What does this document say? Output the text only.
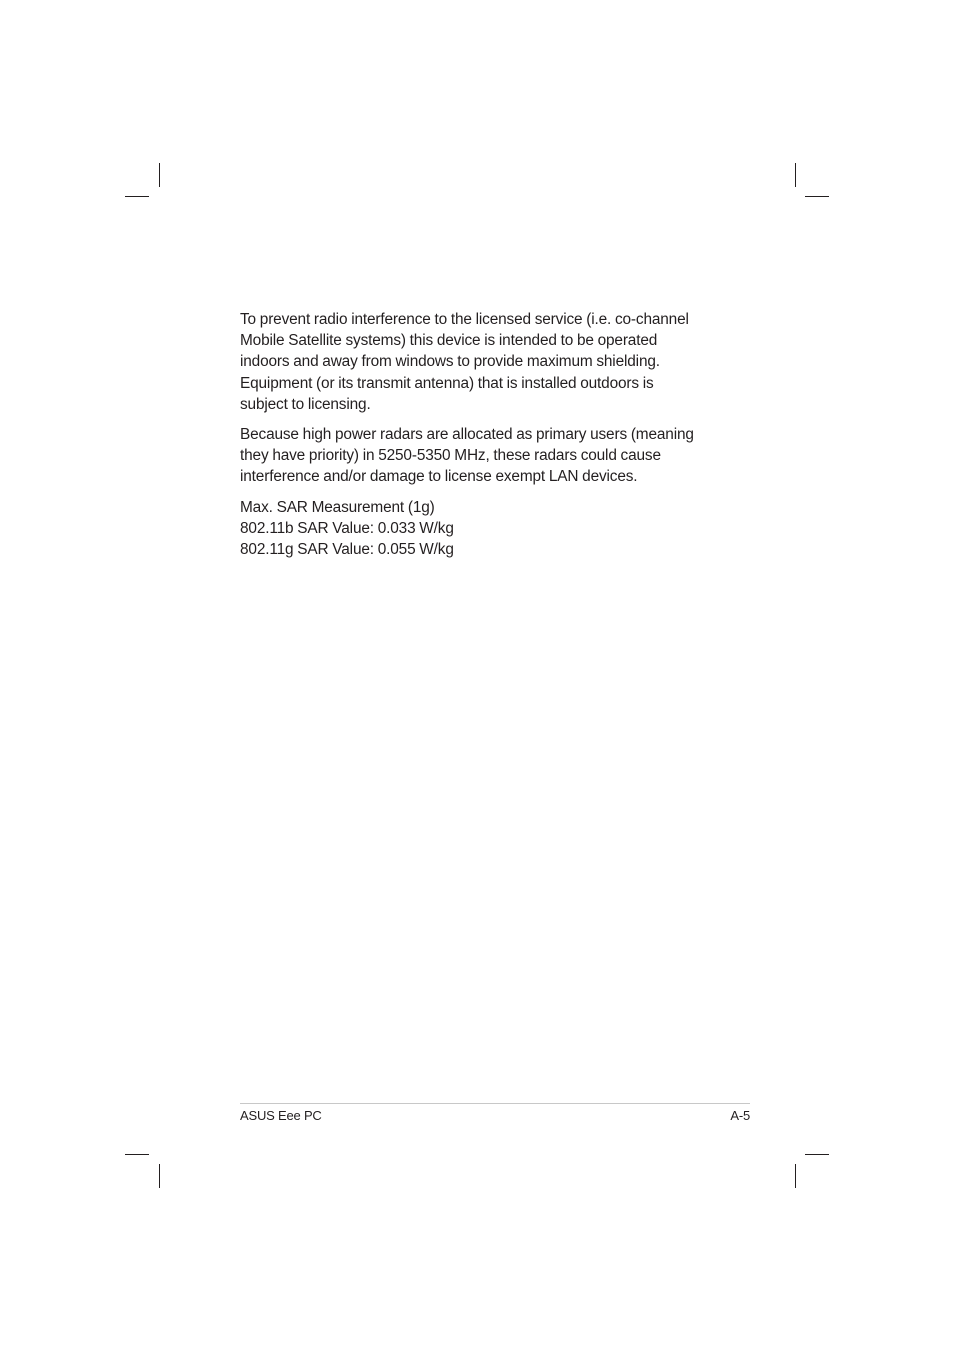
To prevent radio interference to the licensed service (i.e. co-channel
Mobile Satellite systems) this device is intended to be operated
indoors and away from windows to provide maximum shielding.
Equipment (or its transmit antenna) that is installed outdoors is
subject to licensing.

Because high power radars are allocated as primary users (meaning
they have priority) in 5250-5350 MHz, these radars could cause
interference and/or damage to license exempt LAN devices.

Max. SAR Measurement (1g)
802.11b SAR Value: 0.033 W/kg
802.11g SAR Value: 0.055 W/kg

ASUS Eee PC	A-5
